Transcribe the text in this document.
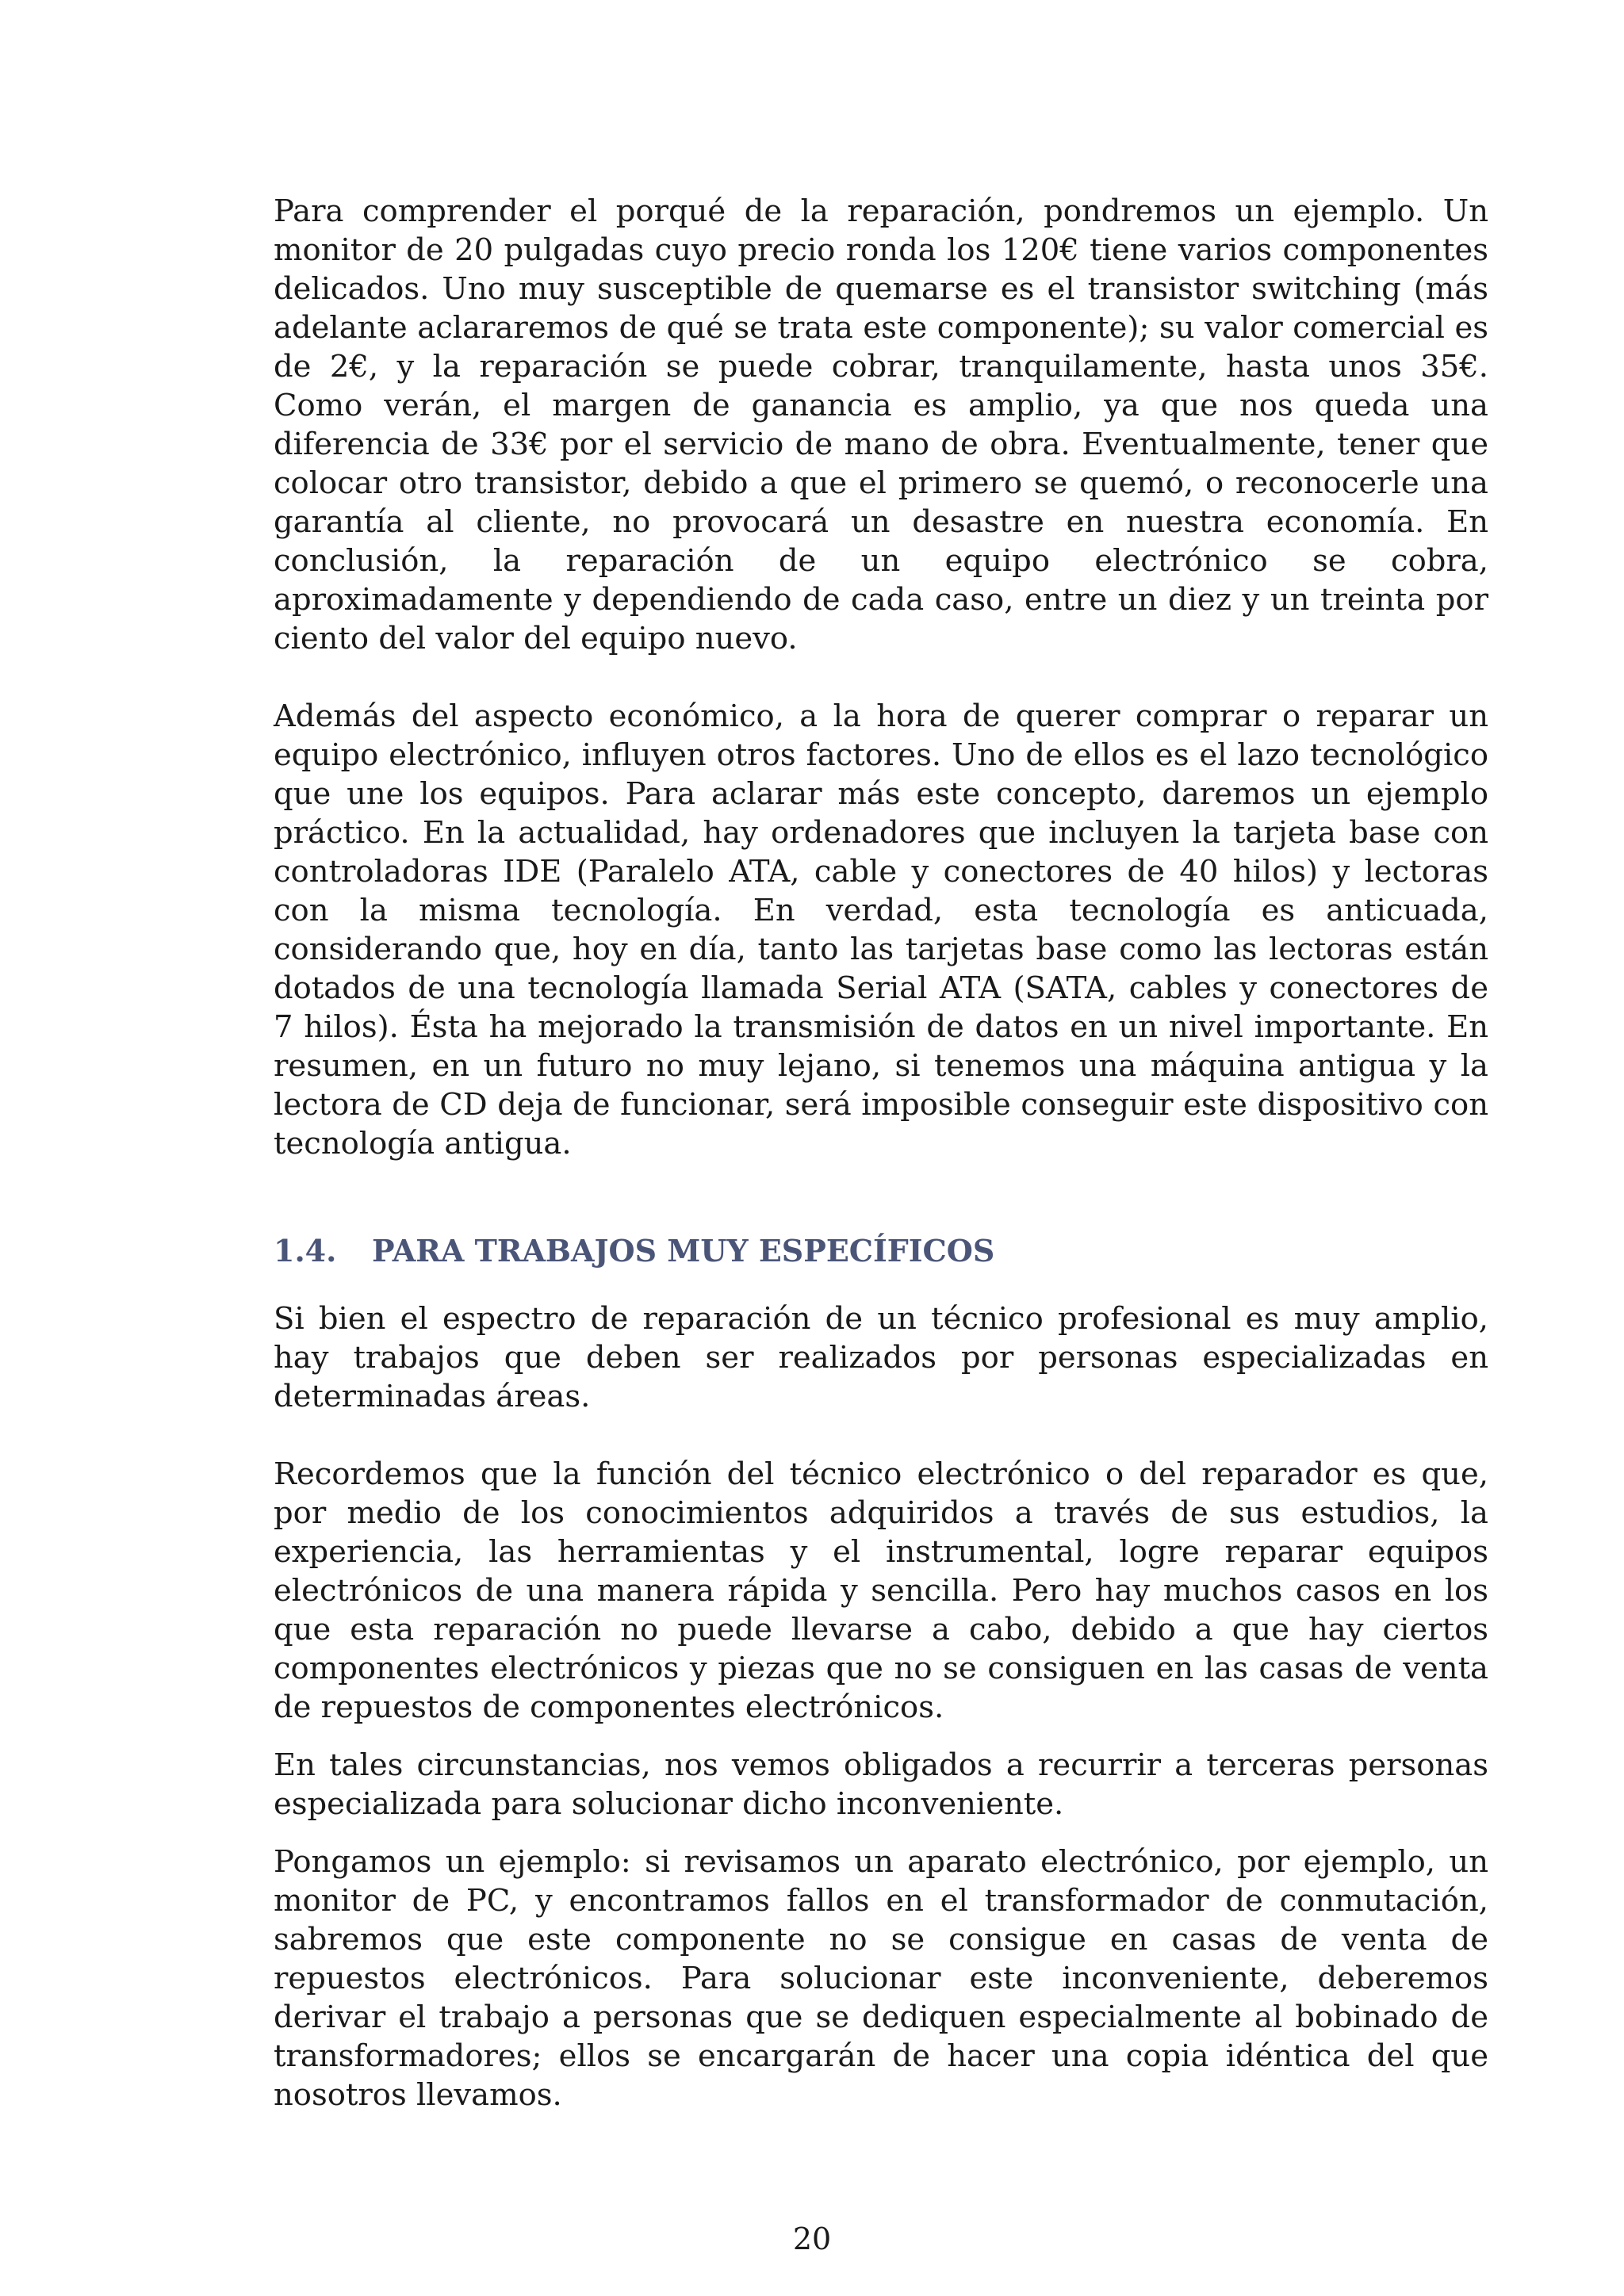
Para comprender el porqué de la reparación, pondremos un ejemplo. Un monitor de 20 pulgadas cuyo precio ronda los 120€ tiene varios componentes delicados. Uno muy susceptible de quemarse es el transistor switching (más adelante aclararemos de qué se trata este componente); su valor comercial es de 2€, y la reparación se puede cobrar, tranquilamente, hasta unos 35€. Como verán, el margen de ganancia es amplio, ya que nos queda una diferencia de 33€ por el servicio de mano de obra. Eventualmente, tener que colocar otro transistor, debido a que el primero se quemó, o reconocerle una garantía al cliente, no provocará un desastre en nuestra economía. En conclusión, la reparación de un equipo electrónico se cobra, aproximadamente y dependiendo de cada caso, entre un diez y un treinta por ciento del valor del equipo nuevo.

Además del aspecto económico, a la hora de querer comprar o reparar un equipo electrónico, influyen otros factores. Uno de ellos es el lazo tecnológico que une los equipos. Para aclarar más este concepto, daremos un ejemplo práctico. En la actualidad, hay ordenadores que incluyen la tarjeta base con controladoras IDE (Paralelo ATA, cable y conectores de 40 hilos) y lectoras con la misma tecnología. En verdad, esta tecnología es anticuada, considerando que, hoy en día, tanto las tarjetas base como las lectoras están dotados de una tecnología llamada Serial ATA (SATA, cables y conectores de 7 hilos). Ésta ha mejorado la transmisión de datos en un nivel importante. En resumen, en un futuro no muy lejano, si tenemos una máquina antigua y la lectora de CD deja de funcionar, será imposible conseguir este dispositivo con tecnología antigua.

1.4. PARA TRABAJOS MUY ESPECÍFICOS

Si bien el espectro de reparación de un técnico profesional es muy amplio, hay trabajos que deben ser realizados por personas especializadas en determinadas áreas.

Recordemos que la función del técnico electrónico o del reparador es que, por medio de los conocimientos adquiridos a través de sus estudios, la experiencia, las herramientas y el instrumental, logre reparar equipos electrónicos de una manera rápida y sencilla. Pero hay muchos casos en los que esta reparación no puede llevarse a cabo, debido a que hay ciertos componentes electrónicos y piezas que no se consiguen en las casas de venta de repuestos de componentes electrónicos.

En tales circunstancias, nos vemos obligados a recurrir a terceras personas especializada para solucionar dicho inconveniente.

Pongamos un ejemplo: si revisamos un aparato electrónico, por ejemplo, un monitor de PC, y encontramos fallos en el transformador de conmutación, sabremos que este componente no se consigue en casas de venta de repuestos electrónicos. Para solucionar este inconveniente, deberemos derivar el trabajo a personas que se dediquen especialmente al bobinado de transformadores; ellos se encargarán de hacer una copia idéntica del que nosotros llevamos.

20
